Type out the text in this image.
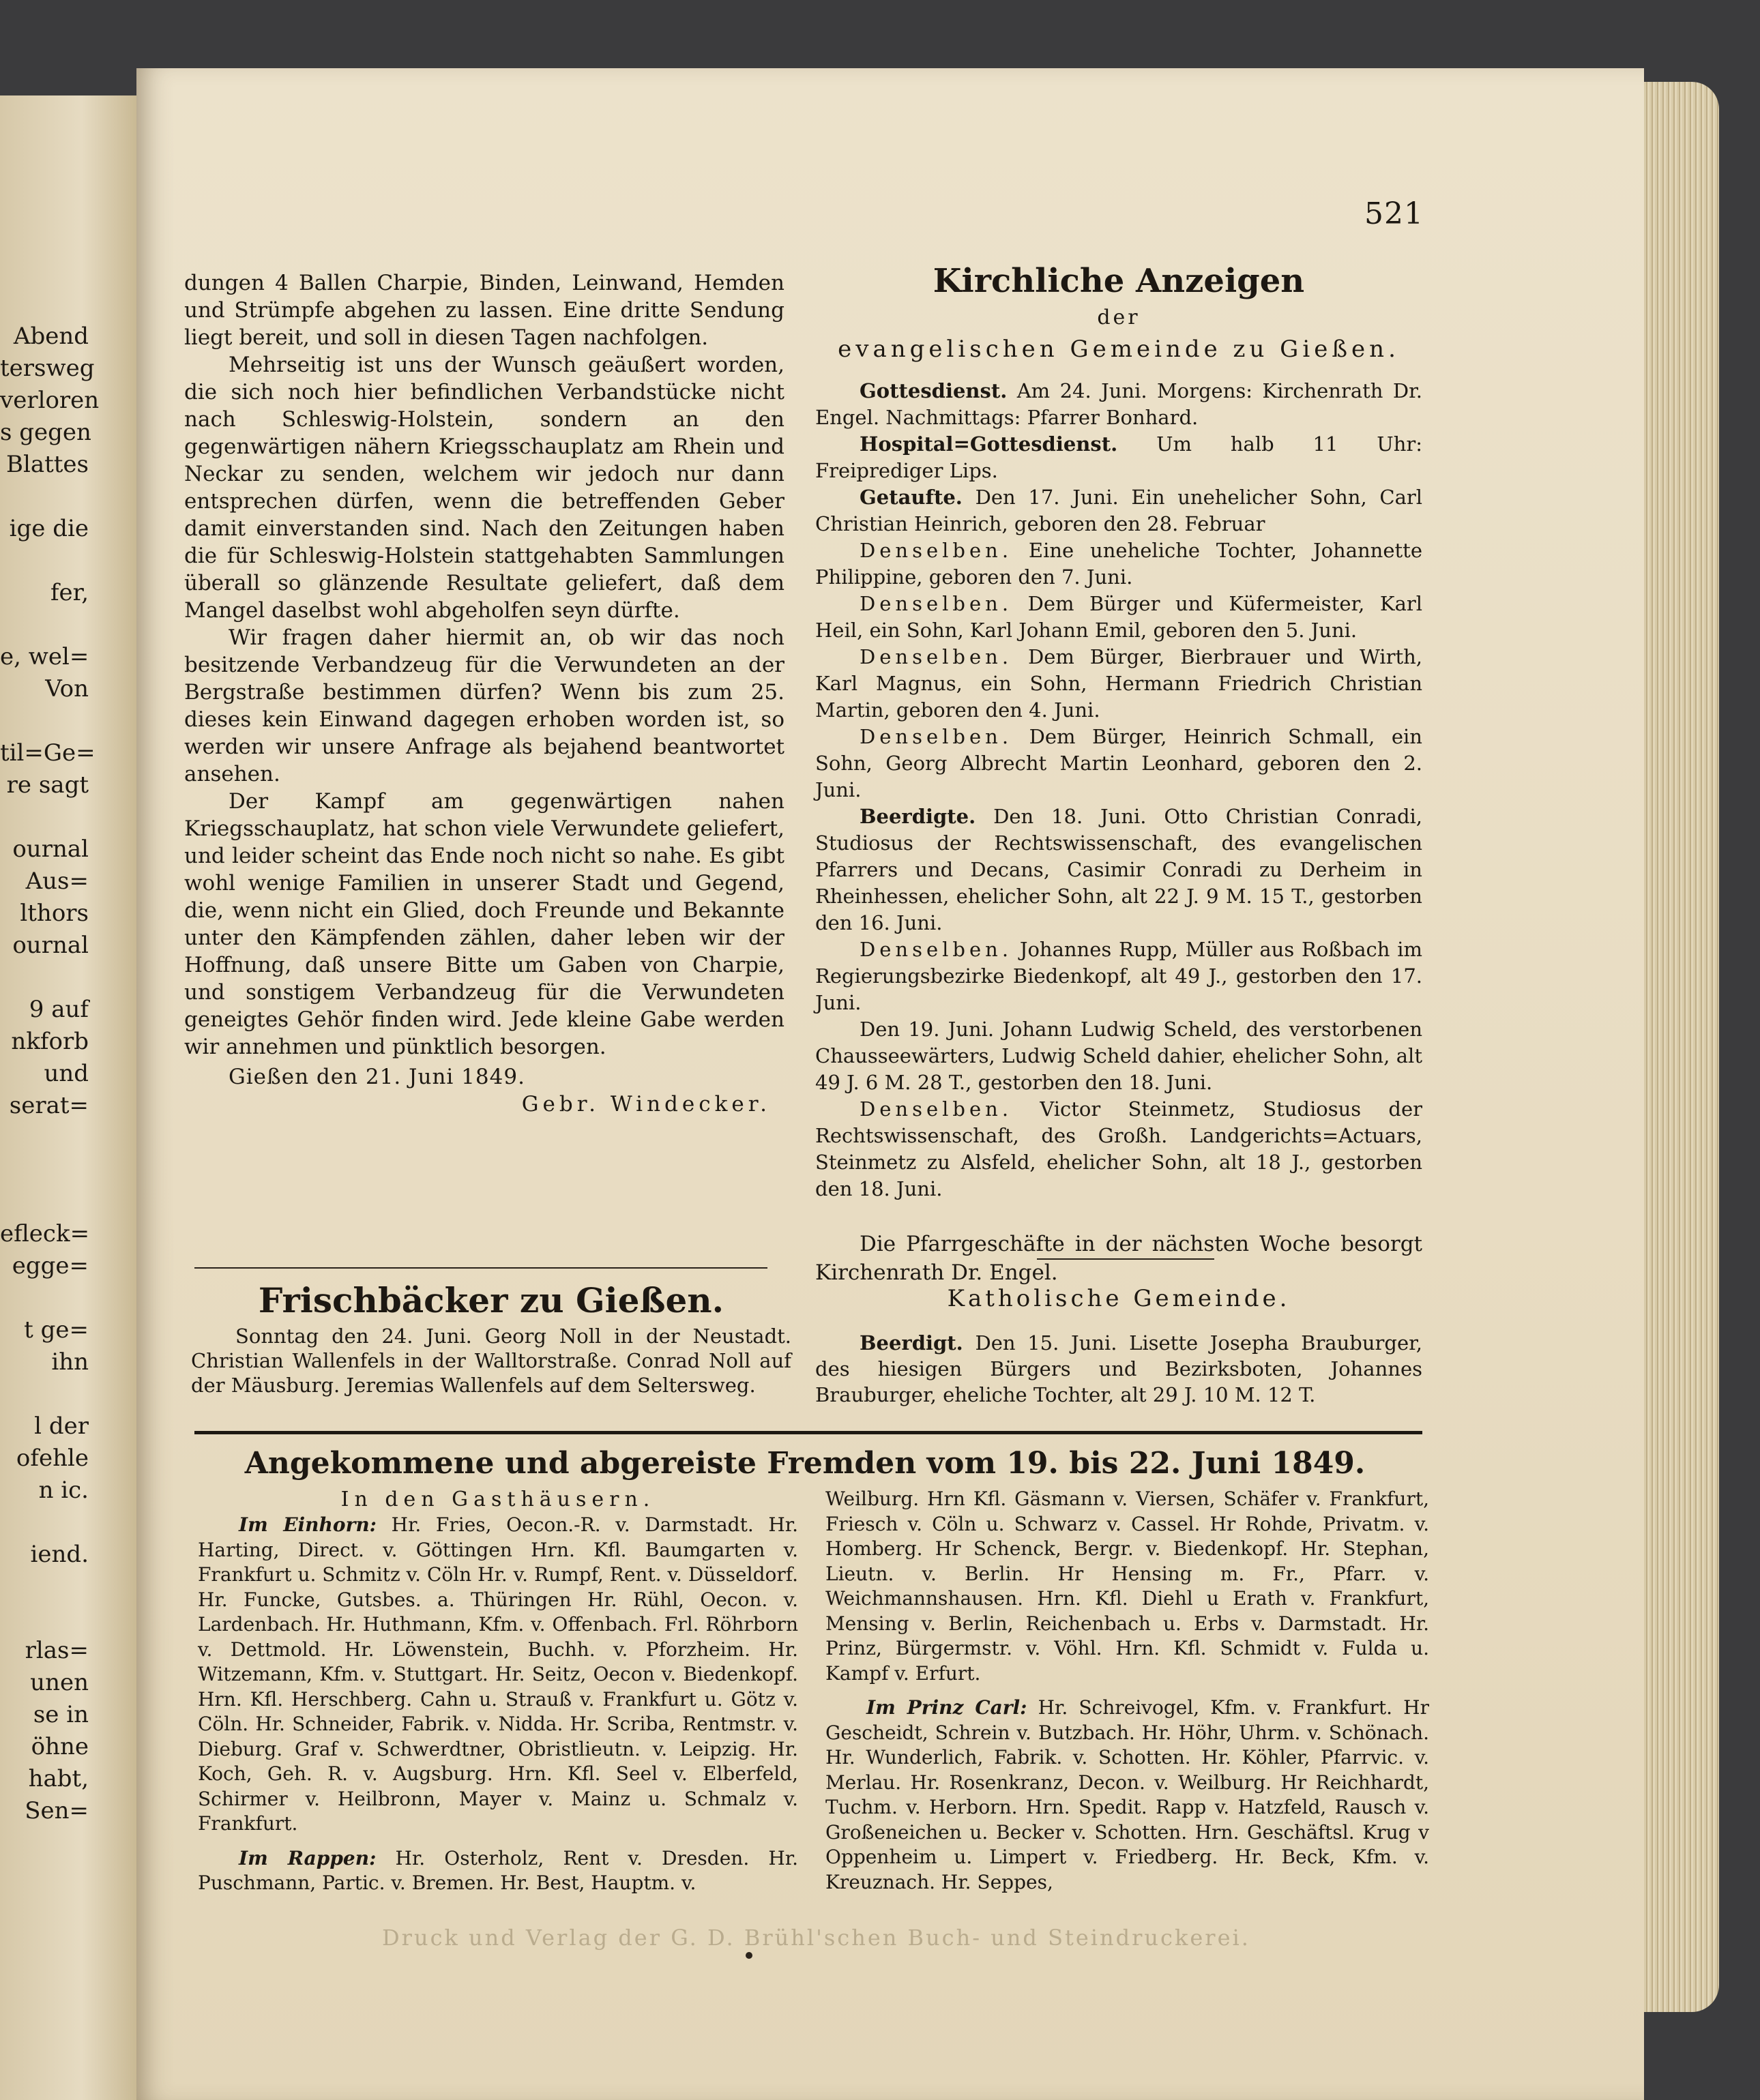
Abend
tersweg
verloren
s gegen
Blattes

ige die

fer,

e, wel=
Von

til=Ge=
re sagt

ournal
Aus=
lthors
ournal

9 auf
nkforb
und
serat=

efleck=
egge=

t ge=
ihn

l der
ofehle
n ic.

iend.

rlas=
unen
se in
öhne
habt,
Sen=
521

dungen 4 Ballen Charpie, Binden, Leinwand, Hemden und Strümpfe abgehen zu lassen. Eine dritte Sendung liegt bereit, und soll in diesen Tagen nachfolgen.

Mehrseitig ist uns der Wunsch geäußert worden, die sich noch hier befindlichen Verbandstücke nicht nach Schleswig-Holstein, sondern an den gegenwärtigen nähern Kriegsschauplatz am Rhein und Neckar zu senden, welchem wir jedoch nur dann entsprechen dürfen, wenn die betreffenden Geber damit einverstanden sind. Nach den Zeitungen haben die für Schleswig-Holstein stattgehabten Sammlungen überall so glänzende Resultate geliefert, daß dem Mangel daselbst wohl abgeholfen seyn dürfte.

Wir fragen daher hiermit an, ob wir das noch besitzende Verbandzeug für die Verwundeten an der Bergstraße bestimmen dürfen? Wenn bis zum 25. dieses kein Einwand dagegen erhoben worden ist, so werden wir unsere Anfrage als bejahend beantwortet ansehen.

Der Kampf am gegenwärtigen nahen Kriegsschauplatz, hat schon viele Verwundete geliefert, und leider scheint das Ende noch nicht so nahe. Es gibt wohl wenige Familien in unserer Stadt und Gegend, die, wenn nicht ein Glied, doch Freunde und Bekannte unter den Kämpfenden zählen, daher leben wir der Hoffnung, daß unsere Bitte um Gaben von Charpie, und sonstigem Verbandzeug für die Verwundeten geneigtes Gehör finden wird. Jede kleine Gabe werden wir annehmen und pünktlich besorgen.

Gießen den 21. Juni 1849.

Gebr. Windecker.

Frischbäcker zu Gießen.

Sonntag den 24. Juni. Georg Noll in der Neustadt. Christian Wallenfels in der Walltorstraße. Conrad Noll auf der Mäusburg. Jeremias Wallenfels auf dem Seltersweg.

Kirchliche Anzeigen
der
evangelischen Gemeinde zu Gießen.

Gottesdienst. Am 24. Juni. Morgens: Kirchenrath Dr. Engel. Nachmittags: Pfarrer Bonhard.

Hospital=Gottesdienst. Um halb 11 Uhr: Freiprediger Lips.

Getaufte. Den 17. Juni. Ein unehelicher Sohn, Carl Christian Heinrich, geboren den 28. Februar

Denselben. Eine uneheliche Tochter, Johannette Philippine, geboren den 7. Juni.

Denselben. Dem Bürger und Küfermeister, Karl Heil, ein Sohn, Karl Johann Emil, geboren den 5. Juni.

Denselben. Dem Bürger, Bierbrauer und Wirth, Karl Magnus, ein Sohn, Hermann Friedrich Christian Martin, geboren den 4. Juni.

Denselben. Dem Bürger, Heinrich Schmall, ein Sohn, Georg Albrecht Martin Leonhard, geboren den 2. Juni.

Beerdigte. Den 18. Juni. Otto Christian Conradi, Studiosus der Rechtswissenschaft, des evangelischen Pfarrers und Decans, Casimir Conradi zu Derheim in Rheinhessen, ehelicher Sohn, alt 22 J. 9 M. 15 T., gestorben den 16. Juni.

Denselben. Johannes Rupp, Müller aus Roßbach im Regierungsbezirke Biedenkopf, alt 49 J., gestorben den 17. Juni.

Den 19. Juni. Johann Ludwig Scheld, des verstorbenen Chausseewärters, Ludwig Scheld dahier, ehelicher Sohn, alt 49 J. 6 M. 28 T., gestorben den 18. Juni.

Denselben. Victor Steinmetz, Studiosus der Rechtswissenschaft, des Großh. Landgerichts=Actuars, Steinmetz zu Alsfeld, ehelicher Sohn, alt 18 J., gestorben den 18. Juni.

Die Pfarrgeschäfte in der nächsten Woche besorgt Kirchenrath Dr. Engel.

Katholische Gemeinde.

Beerdigt. Den 15. Juni. Lisette Josepha Brauburger, des hiesigen Bürgers und Bezirksboten, Johannes Brauburger, eheliche Tochter, alt 29 J. 10 M. 12 T.

Angekommene und abgereiste Fremden vom 19. bis 22. Juni 1849.
In den Gasthäusern.

Im Einhorn: Hr. Fries, Oecon.-R. v. Darmstadt. Hr. Harting, Direct. v. Göttingen Hrn. Kfl. Baumgarten v. Frankfurt u. Schmitz v. Cöln Hr. v. Rumpf, Rent. v. Düsseldorf. Hr. Funcke, Gutsbes. a. Thüringen Hr. Rühl, Oecon. v. Lardenbach. Hr. Huthmann, Kfm. v. Offenbach. Frl. Röhrborn v. Dettmold. Hr. Löwenstein, Buchh. v. Pforzheim. Hr. Witzemann, Kfm. v. Stuttgart. Hr. Seitz, Oecon v. Biedenkopf. Hrn. Kfl. Herschberg. Cahn u. Strauß v. Frankfurt u. Götz v. Cöln. Hr. Schneider, Fabrik. v. Nidda. Hr. Scriba, Rentmstr. v. Dieburg. Graf v. Schwerdtner, Obristlieutn. v. Leipzig. Hr. Koch, Geh. R. v. Augsburg. Hrn. Kfl. Seel v. Elberfeld, Schirmer v. Heilbronn, Mayer v. Mainz u. Schmalz v. Frankfurt.

Im Rappen: Hr. Osterholz, Rent v. Dresden. Hr. Puschmann, Partic. v. Bremen. Hr. Best, Hauptm. v.

Weilburg. Hrn Kfl. Gäsmann v. Viersen, Schäfer v. Frankfurt, Friesch v. Cöln u. Schwarz v. Cassel. Hr Rohde, Privatm. v. Homberg. Hr Schenck, Bergr. v. Biedenkopf. Hr. Stephan, Lieutn. v. Berlin. Hr Hensing m. Fr., Pfarr. v. Weichmannshausen. Hrn. Kfl. Diehl u Erath v. Frankfurt, Mensing v. Berlin, Reichenbach u. Erbs v. Darmstadt. Hr. Prinz, Bürgermstr. v. Vöhl. Hrn. Kfl. Schmidt v. Fulda u. Kampf v. Erfurt.

Im Prinz Carl: Hr. Schreivogel, Kfm. v. Frankfurt. Hr Gescheidt, Schrein v. Butzbach. Hr. Höhr, Uhrm. v. Schönach. Hr. Wunderlich, Fabrik. v. Schotten. Hr. Köhler, Pfarrvic. v. Merlau. Hr. Rosenkranz, Decon. v. Weilburg. Hr Reichhardt, Tuchm. v. Herborn. Hrn. Spedit. Rapp v. Hatzfeld, Rausch v. Großeneichen u. Becker v. Schotten. Hrn. Geschäftsl. Krug v Oppenheim u. Limpert v. Friedberg. Hr. Beck, Kfm. v. Kreuznach. Hr. Seppes,

Druck und Verlag der G. D. Brühl'schen Buch- und Steindruckerei.
